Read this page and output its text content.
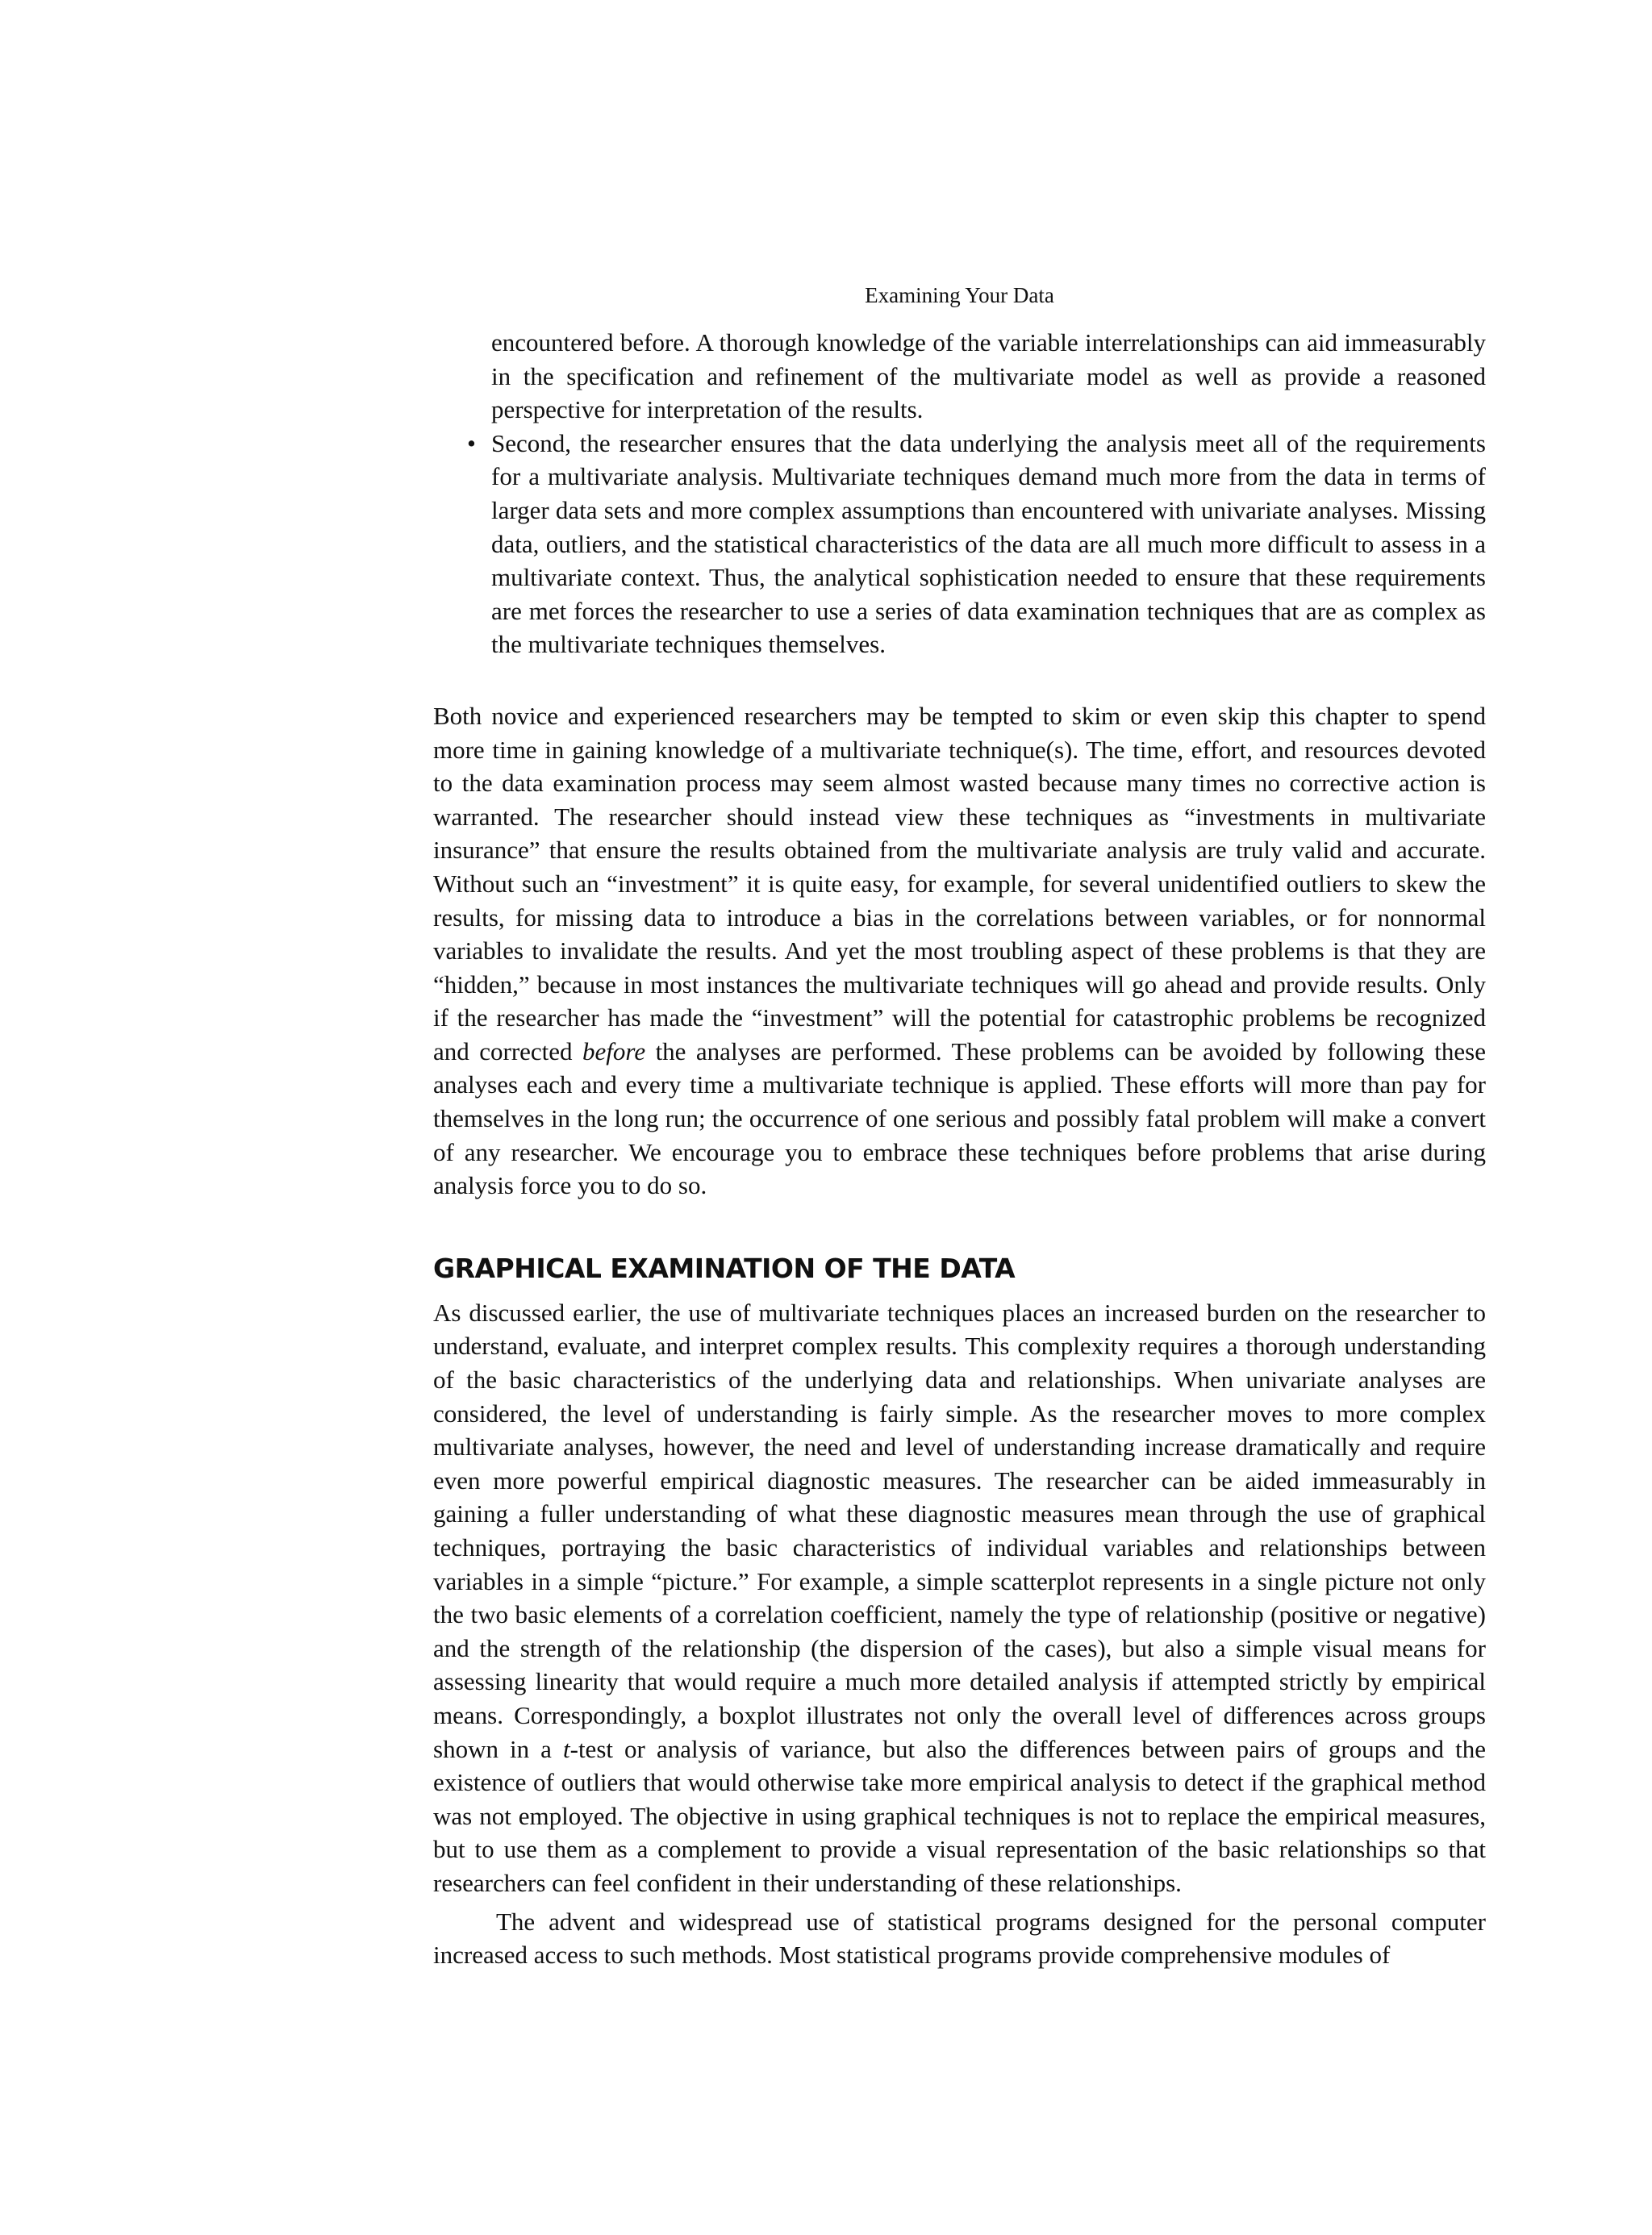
Examining Your Data

encountered before. A thorough knowledge of the variable interrelationships can aid immeasurably in the specification and refinement of the multivariate model as well as provide a reasoned perspective for interpretation of the results.

• Second, the researcher ensures that the data underlying the analysis meet all of the requirements for a multivariate analysis. Multivariate techniques demand much more from the data in terms of larger data sets and more complex assumptions than encountered with univariate analyses. Missing data, outliers, and the statistical characteristics of the data are all much more difficult to assess in a multivariate context. Thus, the analytical sophistication needed to ensure that these requirements are met forces the researcher to use a series of data examination techniques that are as complex as the multivariate techniques themselves.

Both novice and experienced researchers may be tempted to skim or even skip this chapter to spend more time in gaining knowledge of a multivariate technique(s). The time, effort, and resources devoted to the data examination process may seem almost wasted because many times no corrective action is warranted. The researcher should instead view these techniques as “investments in multivariate insurance” that ensure the results obtained from the multivariate analysis are truly valid and accurate. Without such an “investment” it is quite easy, for example, for several unidentified outliers to skew the results, for missing data to introduce a bias in the correlations between variables, or for nonnormal variables to invalidate the results. And yet the most troubling aspect of these problems is that they are “hidden,” because in most instances the multivariate techniques will go ahead and provide results. Only if the researcher has made the “investment” will the potential for catastrophic problems be recognized and corrected before the analyses are performed. These problems can be avoided by following these analyses each and every time a multivariate technique is applied. These efforts will more than pay for themselves in the long run; the occurrence of one serious and possibly fatal problem will make a convert of any researcher. We encourage you to embrace these techniques before problems that arise during analysis force you to do so.

GRAPHICAL EXAMINATION OF THE DATA

As discussed earlier, the use of multivariate techniques places an increased burden on the researcher to understand, evaluate, and interpret complex results. This complexity requires a thorough understanding of the basic characteristics of the underlying data and relationships. When univariate analyses are considered, the level of understanding is fairly simple. As the researcher moves to more complex multivariate analyses, however, the need and level of understanding increase dramatically and require even more powerful empirical diagnostic measures. The researcher can be aided immeasurably in gaining a fuller understanding of what these diagnostic measures mean through the use of graphical techniques, portraying the basic characteristics of individual variables and relationships between variables in a simple “picture.” For example, a simple scatterplot represents in a single picture not only the two basic elements of a correlation coefficient, namely the type of relationship (positive or negative) and the strength of the relationship (the dispersion of the cases), but also a simple visual means for assessing linearity that would require a much more detailed analysis if attempted strictly by empirical means. Correspondingly, a boxplot illustrates not only the overall level of differences across groups shown in a t-test or analysis of variance, but also the differences between pairs of groups and the existence of outliers that would otherwise take more empirical analysis to detect if the graphical method was not employed. The objective in using graphical techniques is not to replace the empirical measures, but to use them as a complement to provide a visual representation of the basic relationships so that researchers can feel confident in their understanding of these relationships.

The advent and widespread use of statistical programs designed for the personal computer increased access to such methods. Most statistical programs provide comprehensive modules of
